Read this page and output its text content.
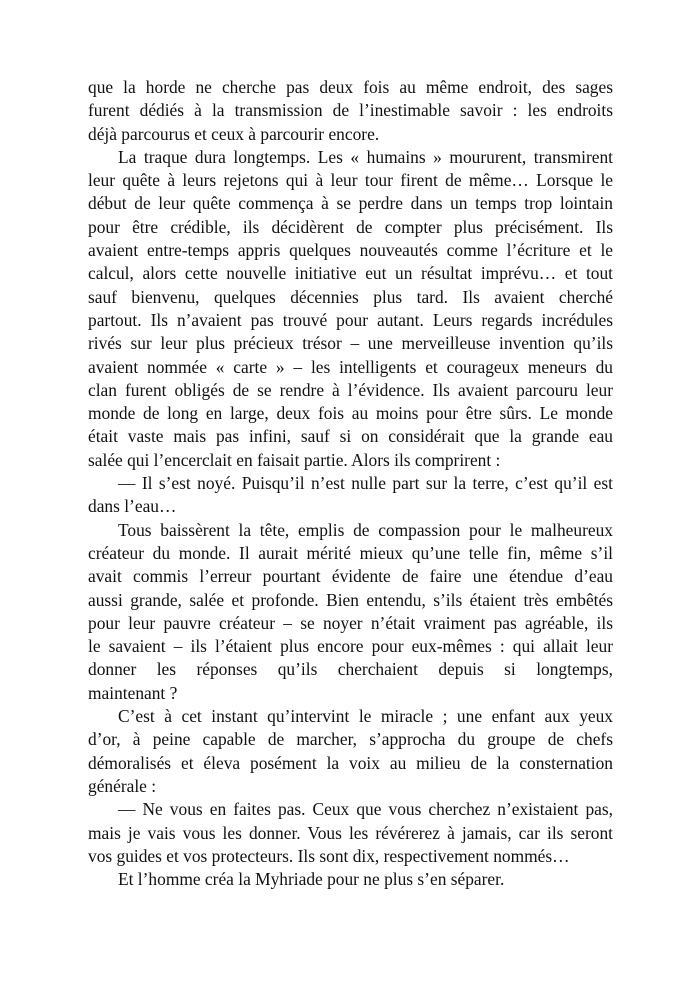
que la horde ne cherche pas deux fois au même endroit, des sages
furent dédiés à la transmission de l’inestimable savoir : les endroits
déjà parcourus et ceux à parcourir encore.
La traque dura longtemps. Les « humains » moururent, transmirent
leur quête à leurs rejetons qui à leur tour firent de même… Lorsque le
début de leur quête commença à se perdre dans un temps trop lointain
pour être crédible, ils décidèrent de compter plus précisément. Ils
avaient entre-temps appris quelques nouveautés comme l’écriture et le
calcul, alors cette nouvelle initiative eut un résultat imprévu… et tout
sauf bienvenu, quelques décennies plus tard. Ils avaient cherché
partout. Ils n’avaient pas trouvé pour autant. Leurs regards incrédules
rivés sur leur plus précieux trésor – une merveilleuse invention qu’ils
avaient nommée « carte » – les intelligents et courageux meneurs du
clan furent obligés de se rendre à l’évidence. Ils avaient parcouru leur
monde de long en large, deux fois au moins pour être sûrs. Le monde
était vaste mais pas infini, sauf si on considérait que la grande eau
salée qui l’encerclait en faisait partie. Alors ils comprirent :
— Il s’est noyé. Puisqu’il n’est nulle part sur la terre, c’est qu’il est
dans l’eau…
Tous baissèrent la tête, emplis de compassion pour le malheureux
créateur du monde. Il aurait mérité mieux qu’une telle fin, même s’il
avait commis l’erreur pourtant évidente de faire une étendue d’eau
aussi grande, salée et profonde. Bien entendu, s’ils étaient très embêtés
pour leur pauvre créateur – se noyer n’était vraiment pas agréable, ils
le savaient – ils l’étaient plus encore pour eux-mêmes : qui allait leur
donner les réponses qu’ils cherchaient depuis si longtemps,
maintenant ?
C’est à cet instant qu’intervint le miracle ; une enfant aux yeux
d’or, à peine capable de marcher, s’approcha du groupe de chefs
démoralisés et éleva posément la voix au milieu de la consternation
générale :
— Ne vous en faites pas. Ceux que vous cherchez n’existaient pas,
mais je vais vous les donner. Vous les révérerez à jamais, car ils seront
vos guides et vos protecteurs. Ils sont dix, respectivement nommés…
Et l’homme créa la Myhriade pour ne plus s’en séparer.
